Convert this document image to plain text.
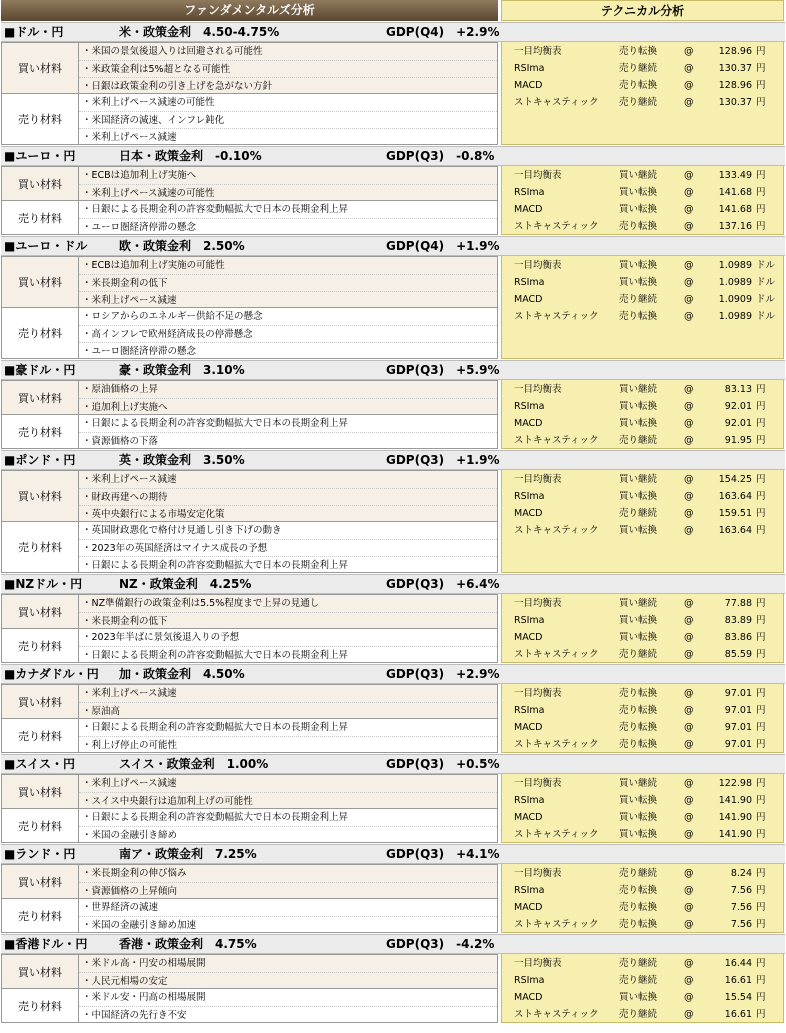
ファンダメンタルズ分析	テクニカル分析
■ドル・円	米・政策金利　4.50-4.75%	GDP(Q4)　+2.9%
買い材料
・米国の景気後退入りは回避される可能性
・米政策金利は5%超となる可能性
・日銀は政策金利の引き上げを急がない方針
売り材料
・米利上げペース減速の可能性
・米国経済の減速、インフレ鈍化
・米利上げペース減速
一目均衡表	売り転換	@	128.96 円
RSIma	売り継続	@	130.37 円
MACD	売り転換	@	128.96 円
ストキャスティック 売り継続	@	130.37 円
■ユーロ・円	日本・政策金利　-0.10%	GDP(Q3)　-0.8%
買い材料
・ECBは追加利上げ実施へ
・米利上げペース減速の可能性
売り材料
・日銀による長期金利の許容変動幅拡大で日本の長期金利上昇
・ユーロ圏経済停滞の懸念
一目均衡表	買い継続	@	133.49 円
RSIma	買い転換	@	141.68 円
MACD	買い転換	@	141.68 円
ストキャスティック 売り転換	@	137.16 円
■ユーロ・ドル	欧・政策金利　2.50%	GDP(Q4)　+1.9%
買い材料
・ECBは追加利上げ実施の可能性
・米長期金利の低下
・米利上げペース減速
売り材料
・ロシアからのエネルギー供給不足の懸念
・高インフレで欧州経済成長の停滞懸念
・ユーロ圏経済停滞の懸念
一目均衡表	買い転換	@	1.0989 ドル
RSIma	買い転換	@	1.0989 ドル
MACD	売り継続	@	1.0909 ドル
ストキャスティック 売り転換	@	1.0989 ドル
■豪ドル・円	豪・政策金利　3.10%	GDP(Q3)　+5.9%
買い材料
・原油価格の上昇
・追加利上げ実施へ
売り材料
・日銀による長期金利の許容変動幅拡大で日本の長期金利上昇
・資源価格の下落
一目均衡表	買い継続	@	83.13 円
RSIma	買い転換	@	92.01 円
MACD	買い転換	@	92.01 円
ストキャスティック 売り継続	@	91.95 円
■ポンド・円	英・政策金利　3.50%	GDP(Q3)　+1.9%
買い材料
・米利上げペース減速
・財政再建への期待
・英中央銀行による市場安定化策
売り材料
・英国財政悪化で格付け見通し引き下げの動き
・2023年の英国経済はマイナス成長の予想
・日銀による長期金利の許容変動幅拡大で日本の長期金利上昇
一目均衡表	買い継続	@	154.25 円
RSIma	買い転換	@	163.64 円
MACD	売り継続	@	159.51 円
ストキャスティック 買い転換	@	163.64 円
■NZドル・円	NZ・政策金利　4.25%	GDP(Q3)　+6.4%
買い材料
・NZ準備銀行の政策金利は5.5%程度まで上昇の見通し
・米長期金利の低下
売り材料
・2023年半ばに景気後退入りの予想
・日銀による長期金利の許容変動幅拡大で日本の長期金利上昇
一目均衡表	買い継続	@	77.88 円
RSIma	買い転換	@	83.89 円
MACD	買い転換	@	83.86 円
ストキャスティック 売り継続	@	85.59 円
■カナダドル・円 加・政策金利　4.50%	GDP(Q3)　+2.9%
買い材料
・米利上げペース減速
・原油高
売り材料
・日銀による長期金利の許容変動幅拡大で日本の長期金利上昇
・利上げ停止の可能性
一目均衡表	売り転換	@	97.01 円
RSIma	売り転換	@	97.01 円
MACD	売り転換	@	97.01 円
ストキャスティック 売り転換	@	97.01 円
■スイス・円	スイス・政策金利　1.00%	GDP(Q3)　+0.5%
買い材料
・米利上げペース減速
・スイス中央銀行は追加利上げの可能性
売り材料
・日銀による長期金利の許容変動幅拡大で日本の長期金利上昇
・米国の金融引き締め
一目均衡表	買い継続	@	122.98 円
RSIma	買い転換	@	141.90 円
MACD	買い転換	@	141.90 円
ストキャスティック 買い転換	@	141.90 円
■ランド・円	南ア・政策金利　7.25%	GDP(Q3)　+4.1%
買い材料
・米長期金利の伸び悩み
・資源価格の上昇傾向
売り材料
・世界経済の減速
・米国の金融引き締め加速
一目均衡表	売り継続	@	8.24 円
RSIma	売り転換	@	7.56 円
MACD	売り転換	@	7.56 円
ストキャスティック 売り転換	@	7.56 円
■香港ドル・円	香港・政策金利　4.75%	GDP(Q3)　-4.2%
買い材料
・米ドル高・円安の相場展開
・人民元相場の安定
売り材料
・米ドル安・円高の相場展開
・中国経済の先行き不安
一目均衡表	売り継続	@	16.44 円
RSIma	売り継続	@	16.61 円
MACD	買い転換	@	15.54 円
ストキャスティック 売り継続	@	16.61 円
